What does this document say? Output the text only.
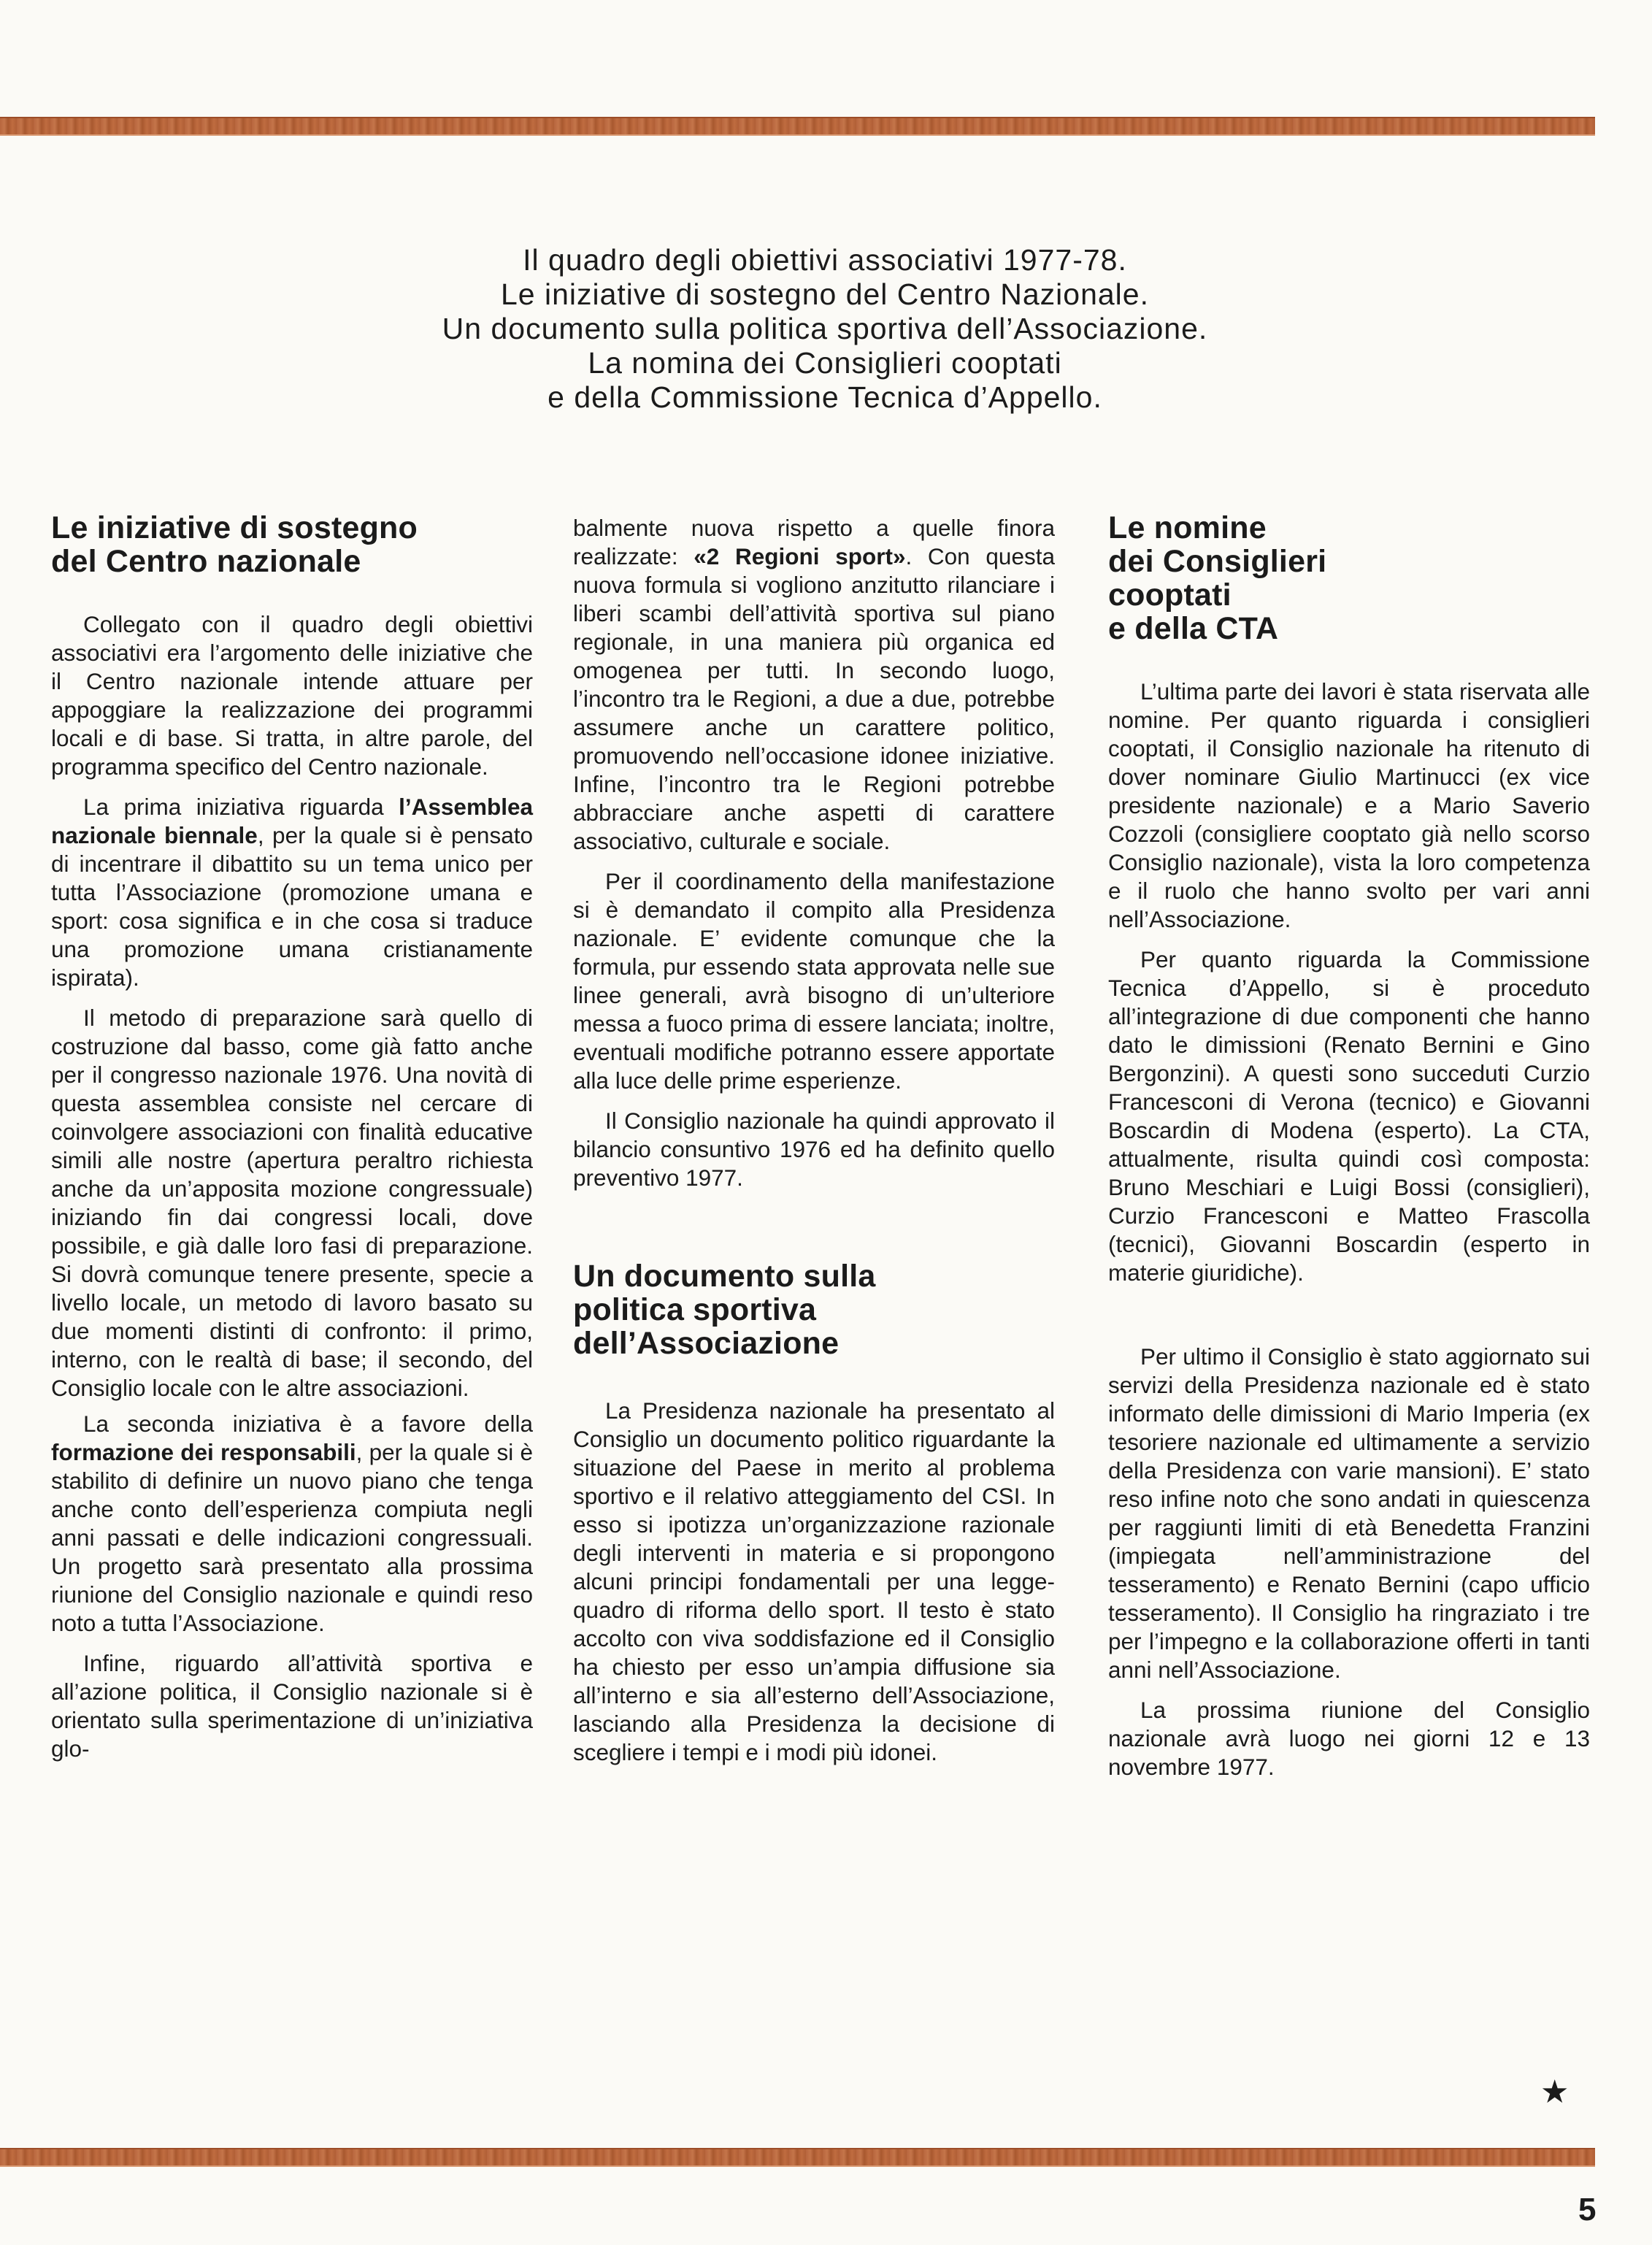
Il quadro degli obiettivi associativi 1977-78.
Le iniziative di sostegno del Centro Nazionale.
Un documento sulla politica sportiva dell’Associazione.
La nomina dei Consiglieri cooptati
e della Commissione Tecnica d’Appello.
Le iniziative di sostegno
del Centro nazionale

Collegato con il quadro degli obiettivi associativi era l’argomento delle iniziative che il Centro nazionale intende attuare per appoggiare la realizzazione dei programmi locali e di base. Si tratta, in altre parole, del programma specifico del Centro nazionale.

La prima iniziativa riguarda l’Assemblea nazionale biennale, per la quale si è pensato di incentrare il dibattito su un tema unico per tutta l’Associazione (promozione umana e sport: cosa significa e in che cosa si traduce una promozione umana cristianamente ispirata).

Il metodo di preparazione sarà quello di costruzione dal basso, come già fatto anche per il congresso nazionale 1976. Una novità di questa assemblea consiste nel cercare di coinvolgere associazioni con finalità educative simili alle nostre (apertura peraltro richiesta anche da un’apposita mozione congressuale) iniziando fin dai congressi locali, dove possibile, e già dalle loro fasi di preparazione. Si dovrà comunque tenere presente, specie a livello locale, un metodo di lavoro basato su due momenti distinti di confronto: il primo, interno, con le realtà di base; il secondo, del Consiglio locale con le altre associazioni.

La seconda iniziativa è a favore della formazione dei responsabili, per la quale si è stabilito di definire un nuovo piano che tenga anche conto dell’esperienza compiuta negli anni passati e delle indicazioni congressuali. Un progetto sarà presentato alla prossima riunione del Consiglio nazionale e quindi reso noto a tutta l’Associazione.

Infine, riguardo all’attività sportiva e all’azione politica, il Consiglio nazionale si è orientato sulla sperimentazione di un’iniziativa glo-

balmente nuova rispetto a quelle finora realizzate: «2 Regioni sport». Con questa nuova formula si vogliono anzitutto rilanciare i liberi scambi dell’attività sportiva sul piano regionale, in una maniera più organica ed omogenea per tutti. In secondo luogo, l’incontro tra le Regioni, a due a due, potrebbe assumere anche un carattere politico, promuovendo nell’occasione idonee iniziative. Infine, l’incontro tra le Regioni potrebbe abbracciare anche aspetti di carattere associativo, culturale e sociale.

Per il coordinamento della manifestazione si è demandato il compito alla Presidenza nazionale. E’ evidente comunque che la formula, pur essendo stata approvata nelle sue linee generali, avrà bisogno di un’ulteriore messa a fuoco prima di essere lanciata; inoltre, eventuali modifiche potranno essere apportate alla luce delle prime esperienze.

Il Consiglio nazionale ha quindi approvato il bilancio consuntivo 1976 ed ha definito quello preventivo 1977.

Un documento sulla
politica sportiva
dell’Associazione

La Presidenza nazionale ha presentato al Consiglio un documento politico riguardante la situazione del Paese in merito al problema sportivo e il relativo atteggiamento del CSI. In esso si ipotizza un’organizzazione razionale degli interventi in materia e si propongono alcuni principi fondamentali per una legge-quadro di riforma dello sport. Il testo è stato accolto con viva soddisfazione ed il Consiglio ha chiesto per esso un’ampia diffusione sia all’interno e sia all’esterno dell’Associazione, lasciando alla Presidenza la decisione di scegliere i tempi e i modi più idonei.

Le nomine
dei Consiglieri
cooptati
e della CTA

L’ultima parte dei lavori è stata riservata alle nomine. Per quanto riguarda i consiglieri cooptati, il Consiglio nazionale ha ritenuto di dover nominare Giulio Martinucci (ex vice presidente nazionale) e a Mario Saverio Cozzoli (consigliere cooptato già nello scorso Consiglio nazionale), vista la loro competenza e il ruolo che hanno svolto per vari anni nell’Associazione.

Per quanto riguarda la Commissione Tecnica d’Appello, si è proceduto all’integrazione di due componenti che hanno dato le dimissioni (Renato Bernini e Gino Bergonzini). A questi sono succeduti Curzio Francesconi di Verona (tecnico) e Giovanni Boscardin di Modena (esperto). La CTA, attualmente, risulta quindi così composta: Bruno Meschiari e Luigi Bossi (consiglieri), Curzio Francesconi e Matteo Frascolla (tecnici), Giovanni Boscardin (esperto in materie giuridiche).

Per ultimo il Consiglio è stato aggiornato sui servizi della Presidenza nazionale ed è stato informato delle dimissioni di Mario Imperia (ex tesoriere nazionale ed ultimamente a servizio della Presidenza con varie mansioni). E’ stato reso infine noto che sono andati in quiescenza per raggiunti limiti di età Benedetta Franzini (impiegata nell’amministrazione del tesseramento) e Renato Bernini (capo ufficio tesseramento). Il Consiglio ha ringraziato i tre per l’impegno e la collaborazione offerti in tanti anni nell’Associazione.

La prossima riunione del Consiglio nazionale avrà luogo nei giorni 12 e 13 novembre 1977.

★
5
